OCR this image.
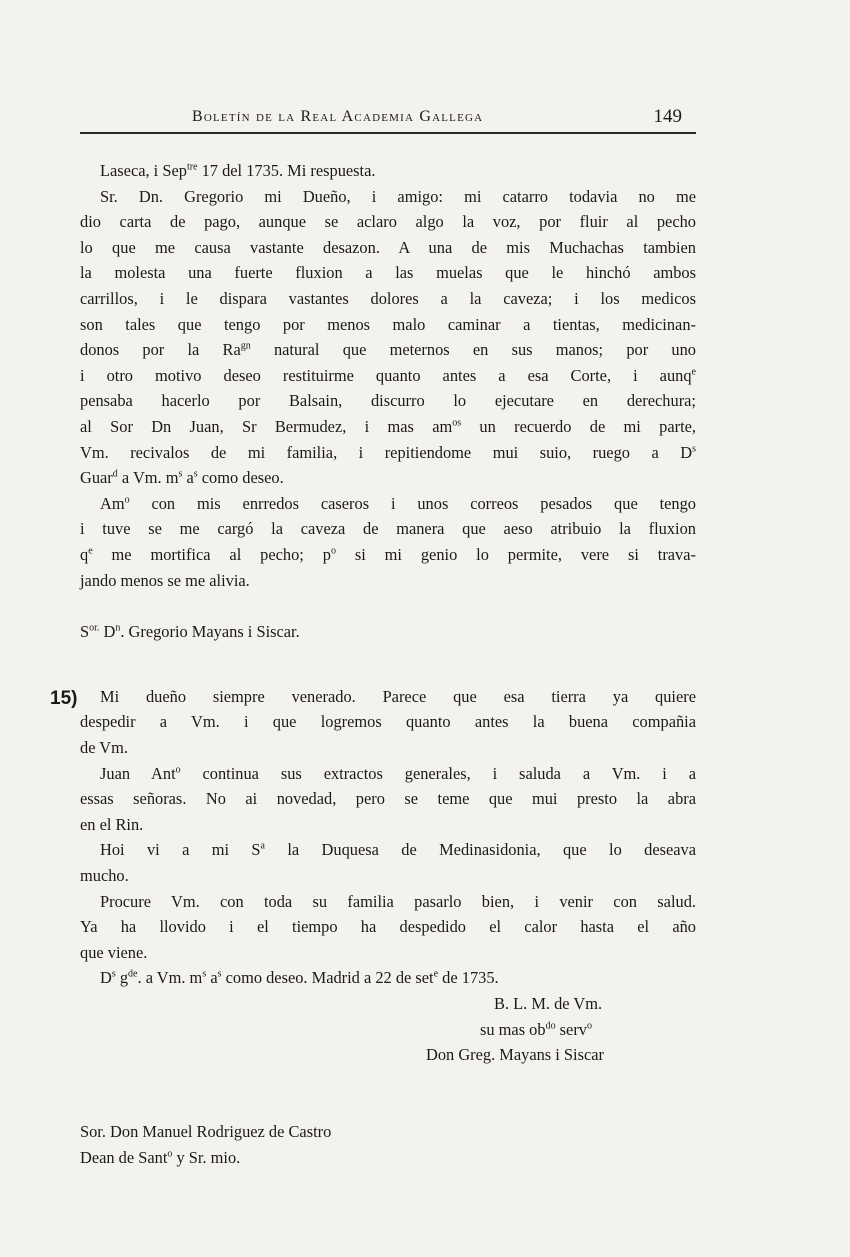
Boletín de la Real Academia Gallega	149
Laseca, i Sep$^{tre}$ 17 del 1735. Mi respuesta.
Sr. Dn. Gregorio mi Dueño, i amigo: mi catarro todavia no me
dio carta de pago, aunque se aclaro algo la voz, por fluir al pecho
lo que me causa vastante desazon. A una de mis Muchachas tambien
la molesta una fuerte fluxion a las muelas que le hinchó ambos
carrillos, i le dispara vastantes dolores a la caveza; i los medicos
son tales que tengo por menos malo caminar a tientas, medicinan-
donos por la $Ra^{gn}$ natural que meternos en sus manos; por uno
i otro motivo deseo restituirme quanto antes a esa Corte, i aunq$^e$
pensaba hacerlo por Balsain, discurro lo ejecutare en derechura;
al Sor Dn Juan, Sr Bermudez, i mas $am^{os}$ un recuerdo de mi parte,
Vm. recivalos de mi familia, i repitiendome mui suio, ruego a $D^s$
Guar$^d$ a Vm. $m^s$ $a^s$ como deseo.
Am$^o$ con mis enrredos caseros i unos correos pesados que tengo
i tuve se me cargó la caveza de manera que aeso atribuio la fluxion
$q^e$ me mortifica al pecho; $p^o$ si mi genio lo permite, vere si trava-
jando menos se me alivia.
$S^{or.}$ $D^n$. Gregorio Mayans i Siscar.
Mi dueño siempre venerado. Parece que esa tierra ya quiere
despedir a Vm. i que logremos quanto antes la buena compañia
de Vm.
Juan Ant$^o$ continua sus extractos generales, i saluda a Vm. i a
essas señoras. No ai novedad, pero se teme que mui presto la abra
en el Rin.
Hoi vi a mi $S^a$ la Duquesa de Medinasidonia, que lo deseava
mucho.
Procure Vm. con toda su familia pasarlo bien, i venir con salud.
Ya ha llovido i el tiempo ha despedido el calor hasta el año
que viene.
$D^s$ $g^{de}$. a Vm. $m^s$ $a^s$ como deseo. Madrid a 22 de set$^e$ de 1735.
B. L. M. de Vm.
su mas $ob^{do}$ serv$^o$
Don Greg. Mayans i Siscar
Sor. Don Manuel Rodriguez de Castro
Dean de Sant$^o$ y Sr. mio.
15)
